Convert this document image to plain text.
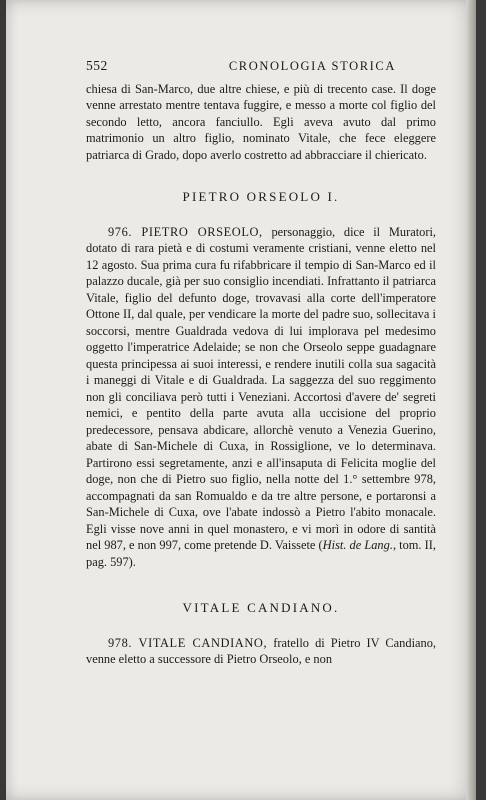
552	CRONOLOGIA STORICA

chiesa di San-Marco, due altre chiese, e più di trecento case. Il doge venne arrestato mentre tentava fuggire, e messo a morte col figlio del secondo letto, ancora fanciullo. Egli aveva avuto dal primo matrimonio un altro figlio, nominato Vitale, che fece eleggere patriarca di Grado, dopo averlo costretto ad abbracciare il chiericato.

PIETRO ORSEOLO I.

976. PIETRO ORSEOLO, personaggio, dice il Muratori, dotato di rara pietà e di costumi veramente cristiani, venne eletto nel 12 agosto. Sua prima cura fu rifabbricare il tempio di San-Marco ed il palazzo ducale, già per suo consiglio incendiati. Infrattanto il patriarca Vitale, figlio del defunto doge, trovavasi alla corte dell'imperatore Ottone II, dal quale, per vendicare la morte del padre suo, sollecitava i soccorsi, mentre Gualdrada vedova di lui implorava pel medesimo oggetto l'imperatrice Adelaide; se non che Orseolo seppe guadagnare questa principessa ai suoi interessi, e rendere inutili colla sua sagacità i maneggi di Vitale e di Gualdrada. La saggezza del suo reggimento non gli conciliava però tutti i Veneziani. Accortosi d'avere de' segreti nemici, e pentito della parte avuta alla uccisione del proprio predecessore, pensava abdicare, allorchè venuto a Venezia Guerino, abate di San-Michele di Cuxa, in Rossiglione, ve lo determinava. Partirono essi segretamente, anzi e all'insaputa di Felicita moglie del doge, non che di Pietro suo figlio, nella notte del 1.° settembre 978, accompagnati da san Romualdo e da tre altre persone, e portaronsi a San-Michele di Cuxa, ove l'abate indossò a Pietro l'abito monacale. Egli visse nove anni in quel monastero, e vi morì in odore di santità nel 987, e non 997, come pretende D. Vaissete (Hist. de Lang., tom. II, pag. 597).

VITALE CANDIANO.

978. VITALE CANDIANO, fratello di Pietro IV Candiano, venne eletto a successore di Pietro Orseolo, e non
